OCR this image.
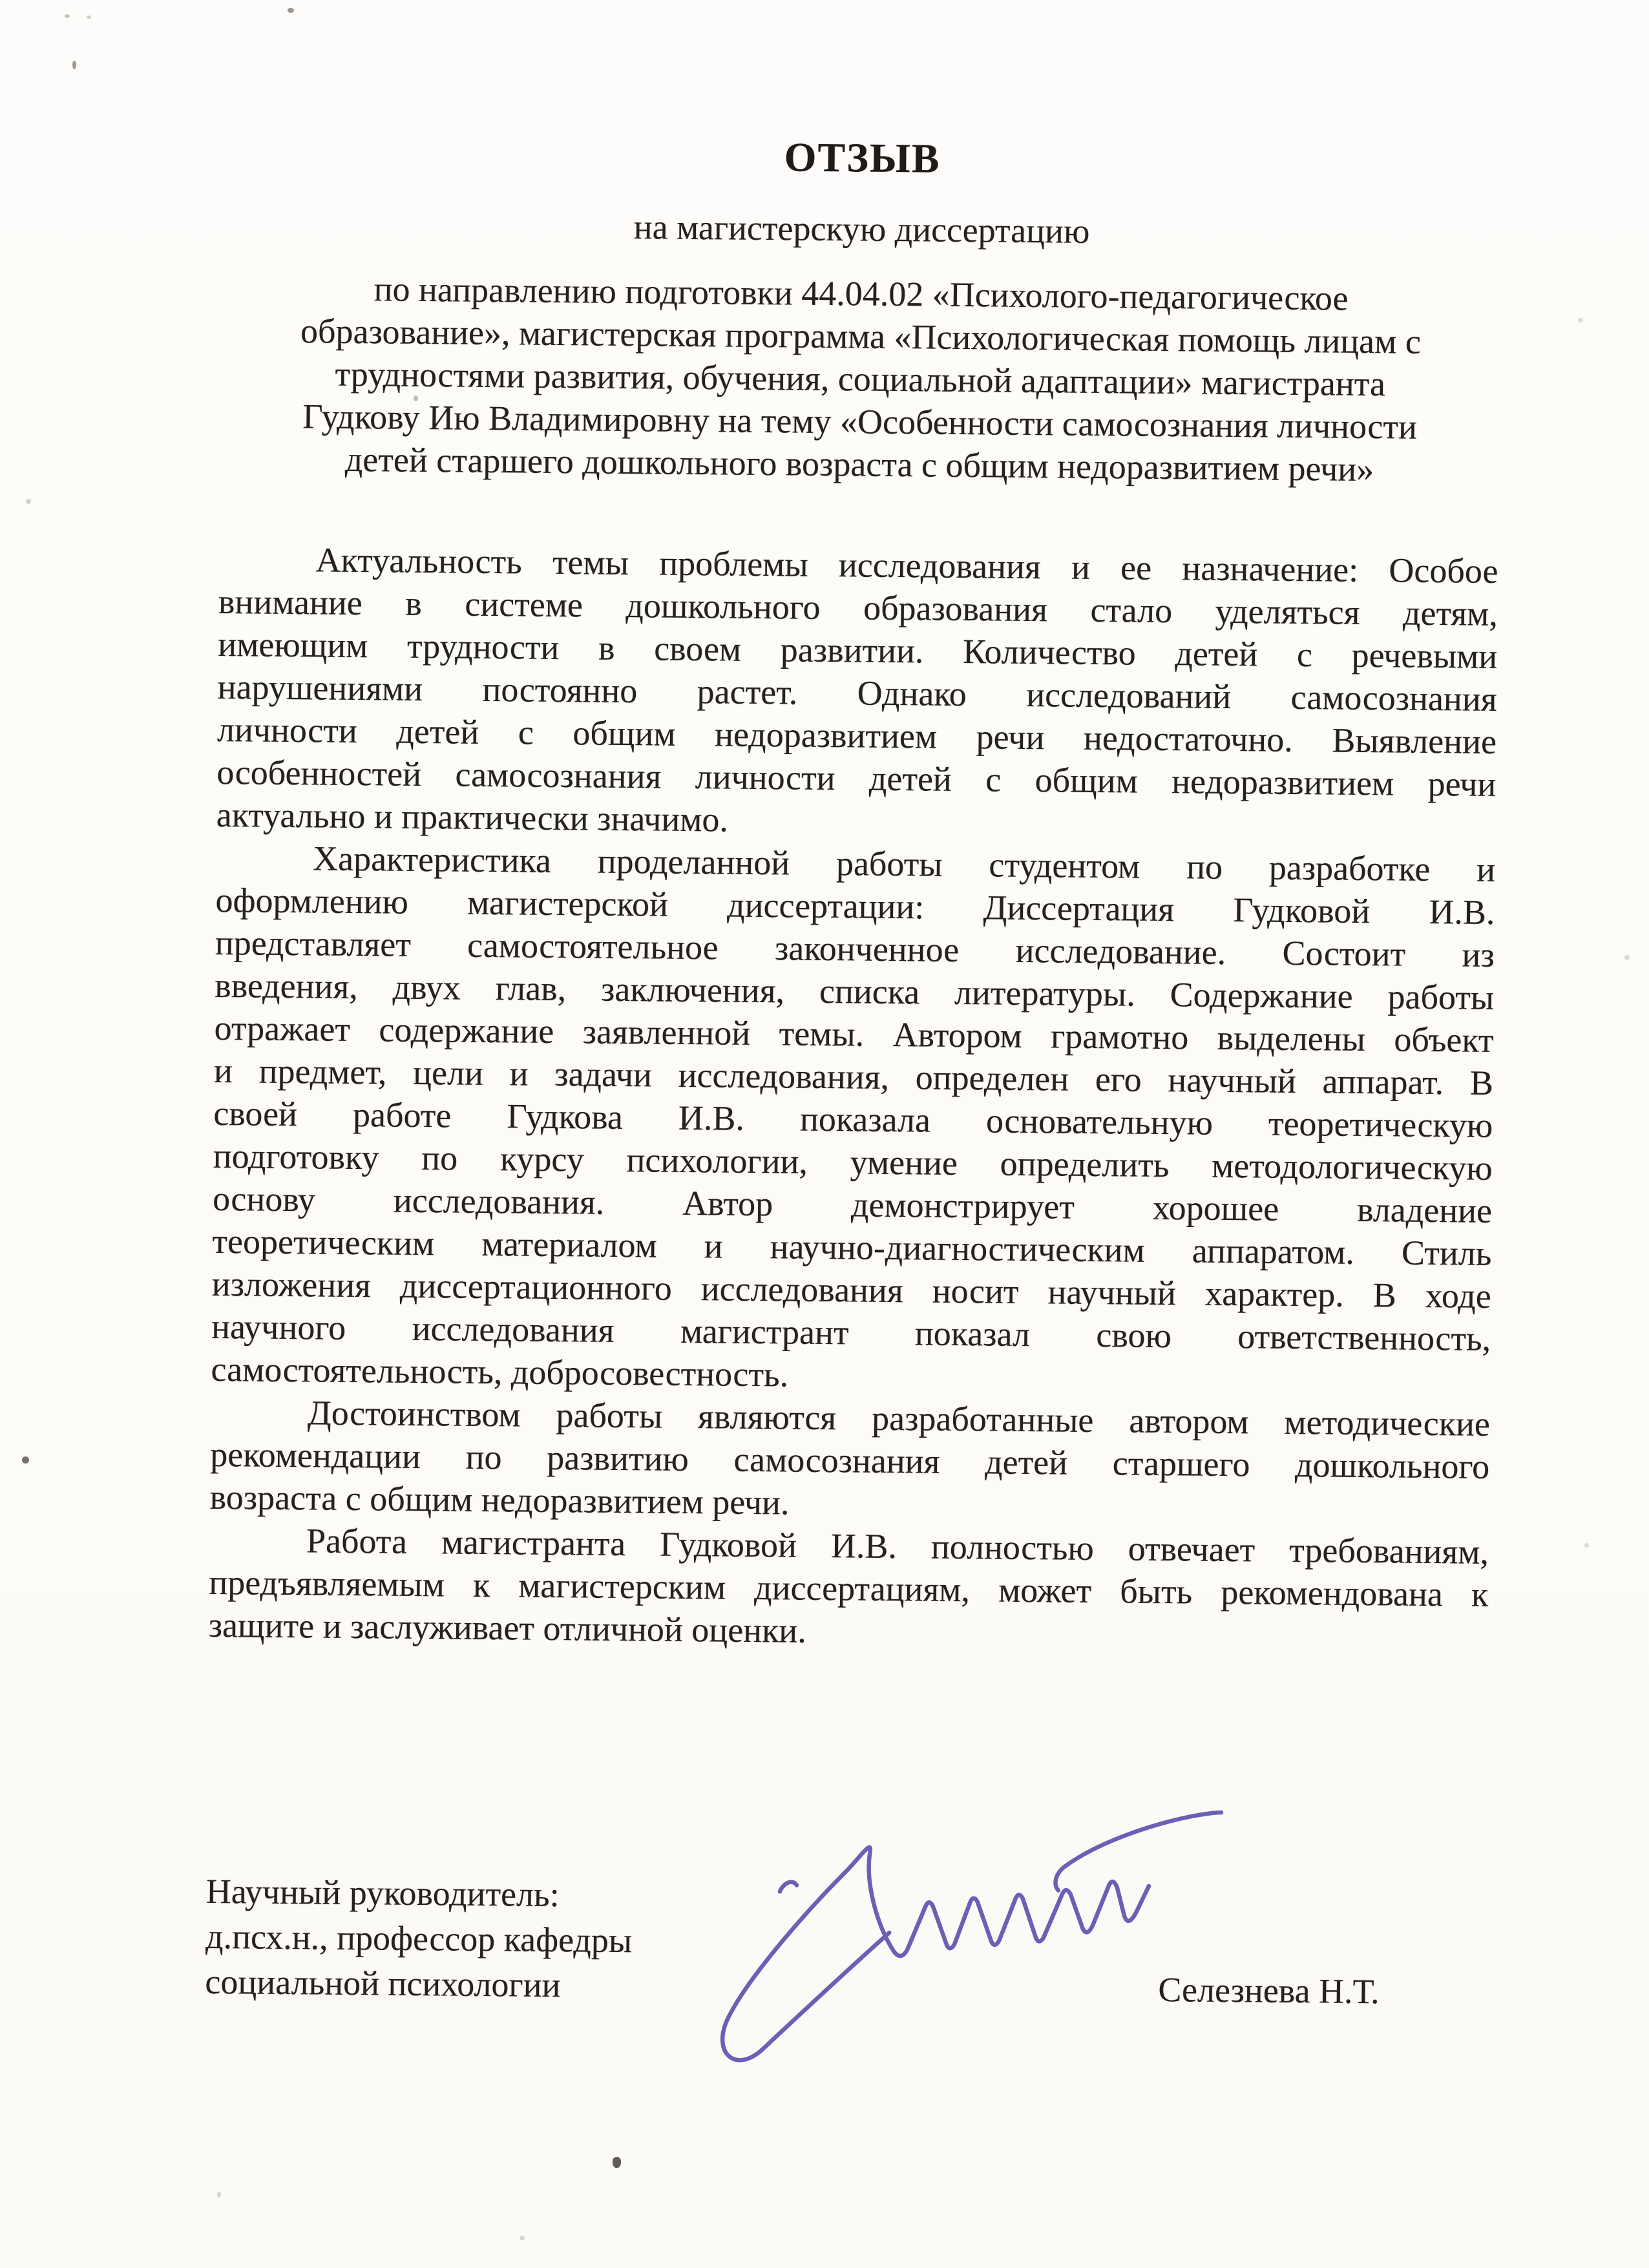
ОТЗЫВ
на магистерскую диссертацию
по направлению подготовки 44.04.02 «Психолого-педагогическое
образование», магистерская программа «Психологическая помощь лицам с
трудностями развития, обучения, социальной адаптации» магистранта
Гудкову Ию Владимировну на тему «Особенности самосознания личности
детей старшего дошкольного возраста с общим недоразвитием речи»
Актуальность темы проблемы исследования и ее назначение: Особое
внимание в системе дошкольного образования стало уделяться детям,
имеющим трудности в своем развитии. Количество детей с речевыми
нарушениями постоянно растет. Однако исследований самосознания
личности детей с общим недоразвитием речи недостаточно. Выявление
особенностей самосознания личности детей с общим недоразвитием речи
актуально и практически значимо.
Характеристика проделанной работы студентом по разработке и
оформлению магистерской диссертации: Диссертация Гудковой И.В.
представляет самостоятельное законченное исследование. Состоит из
введения, двух глав, заключения, списка литературы. Содержание работы
отражает содержание заявленной темы. Автором грамотно выделены объект
и предмет, цели и задачи исследования, определен его научный аппарат. В
своей работе Гудкова И.В. показала основательную теоретическую
подготовку по курсу психологии, умение определить методологическую
основу исследования. Автор демонстрирует хорошее владение
теоретическим материалом и научно-диагностическим аппаратом. Стиль
изложения диссертационного исследования носит научный характер. В ходе
научного исследования магистрант показал свою ответственность,
самостоятельность, добросовестность.
Достоинством работы являются разработанные автором методические
рекомендации по развитию самосознания детей старшего дошкольного
возраста с общим недоразвитием речи.
Работа магистранта Гудковой И.В. полностью отвечает требованиям,
предъявляемым к магистерским диссертациям, может быть рекомендована к
защите и заслуживает отличной оценки.
Научный руководитель:
д.псх.н., профессор кафедры
социальной психологии	Селезнева Н.Т.
